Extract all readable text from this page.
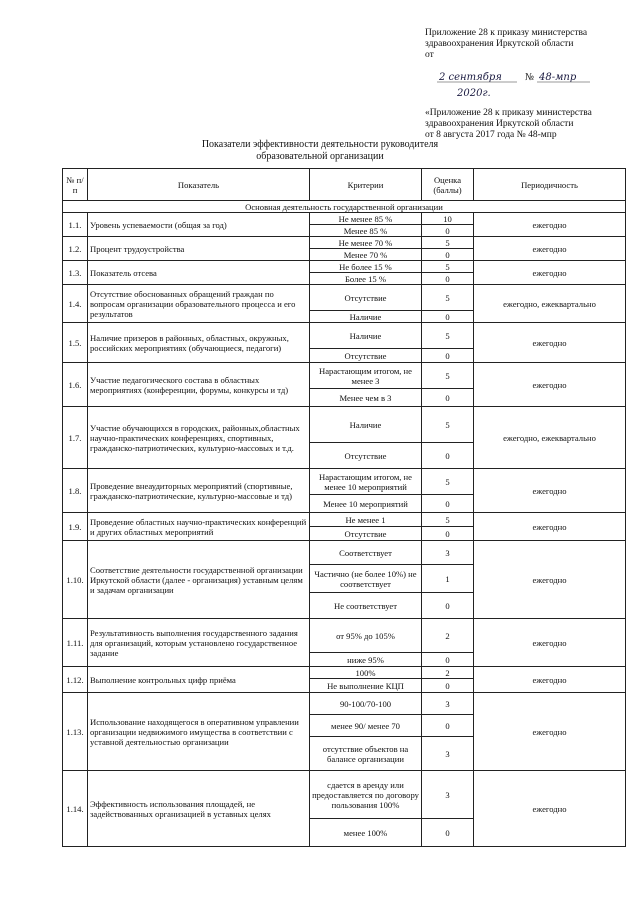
Приложение 28 к приказу министерства
здравоохранения Иркутской области
от
2 сентября № 48-мпр
2020г.
«Приложение 28 к приказу министерства
здравоохранения Иркутской области
от 8 августа 2017 года № 48-мпр
Показатели эффективности деятельности руководителя
образовательной организации
№ п/п	Показатель	Критерии	Оценка (баллы)	Периодичность
Основная деятельность государственной организации				
1.1.	Уровень успеваемости (общая за год)	Не менее 85 %	10	ежегодно
		Менее 85 %	0	
1.2.	Процент трудоустройства	Не менее 70 %	5	ежегодно
		Менее 70 %	0	
1.3.	Показатель отсева	Не более 15 %	5	ежегодно
		Более 15 %	0	
1.4.	Отсутствие обоснованных обращений граждан по вопросам организации образовательного процесса и его результатов	Отсутствие	5	ежегодно, ежеквартально
		Наличие	0	
1.5.	Наличие призеров в районных, областных, окружных, российских мероприятиях (обучающиеся, педагоги)	Наличие	5	ежегодно
		Отсутствие	0	
1.6.	Участие педагогического состава в областных мероприятиях (конференции, форумы, конкурсы и тд)	Нарастающим итогом, не менее 3	5	ежегодно
		Менее чем в 3	0	
1.7.	Участие обучающихся в городских, районных,областных научно-практических конференциях, спортивных, гражданско-патриотических, культурно-массовых и т.д.	Наличие	5	ежегодно, ежеквартально
		Отсутствие	0	
1.8.	Проведение внеаудиторных мероприятий (спортивные, гражданско-патриотические, культурно-массовые и тд)	Нарастающим итогом, не менее 10 мероприятий	5	ежегодно
		Менее 10 мероприятий	0	
1.9.	Проведение областных научно-практических конференций и других областных мероприятий	Не менее 1	5	ежегодно
		Отсутствие	0	
1.10.	Соответствие деятельности государственной организации Иркутской области (далее - организация) уставным целям и задачам организации	Соответствует	3	ежегодно
		Частично (не более 10%) не соответствует	1	
		Не соответствует	0	
1.11.	Результативность выполнения государственного задания для организаций, которым установлено государственное задание	от 95% до 105%	2	ежегодно
		ниже 95%	0	
1.12.	Выполнение контрольных цифр приёма	100%	2	ежегодно
		Не выполнение КЦП	0	
1.13.	Использование находящегося в оперативном управлении организации недвижимого имущества в соответствии с уставной деятельностью организации	90-100/70-100	3	ежегодно
		менее 90/ менее 70	0	
		отсутствие объектов на балансе организации	3	
1.14.	Эффективность использования площадей, не задействованных организацией в уставных целях	сдается в аренду или предоставляется по договору пользования 100%	3	ежегодно
		менее 100%	0	
